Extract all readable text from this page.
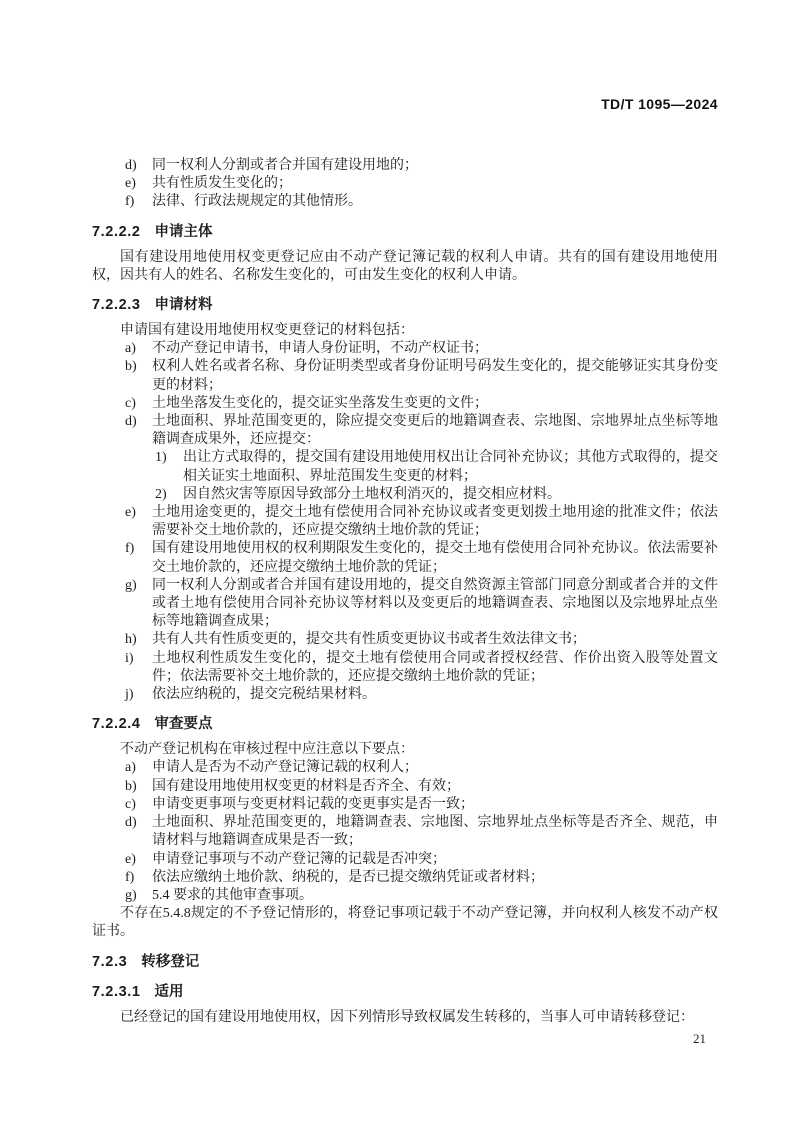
TD/T 1095—2024
d)	同一权利人分割或者合并国有建设用地的；
e)	共有性质发生变化的；
f)	法律、行政法规规定的其他情形。
7.2.2.2 申请主体

国有建设用地使用权变更登记应由不动产登记簿记载的权利人申请。共有的国有建设用地使用权，因共有人的姓名、名称发生变化的，可由发生变化的权利人申请。

7.2.2.3 申请材料

申请国有建设用地使用权变更登记的材料包括：

a)	不动产登记申请书，申请人身份证明，不动产权证书；
b)	权利人姓名或者名称、身份证明类型或者身份证明号码发生变化的，提交能够证实其身份变更的材料；
c)	土地坐落发生变化的，提交证实坐落发生变更的文件；
d)	土地面积、界址范围变更的，除应提交变更后的地籍调查表、宗地图、宗地界址点坐标等地籍调查成果外，还应提交：
1)	出让方式取得的，提交国有建设用地使用权出让合同补充协议；其他方式取得的，提交相关证实土地面积、界址范围发生变更的材料；
2)	因自然灾害等原因导致部分土地权利消灭的，提交相应材料。
e)	土地用途变更的，提交土地有偿使用合同补充协议或者变更划拨土地用途的批准文件；依法需要补交土地价款的，还应提交缴纳土地价款的凭证；
f)	国有建设用地使用权的权利期限发生变化的，提交土地有偿使用合同补充协议。依法需要补交土地价款的，还应提交缴纳土地价款的凭证；
g)	同一权利人分割或者合并国有建设用地的，提交自然资源主管部门同意分割或者合并的文件或者土地有偿使用合同补充协议等材料以及变更后的地籍调查表、宗地图以及宗地界址点坐标等地籍调查成果；
h)	共有人共有性质变更的，提交共有性质变更协议书或者生效法律文书；
i)	土地权利性质发生变化的，提交土地有偿使用合同或者授权经营、作价出资入股等处置文件；依法需要补交土地价款的，还应提交缴纳土地价款的凭证；
j)	依法应纳税的，提交完税结果材料。
7.2.2.4 审查要点

不动产登记机构在审核过程中应注意以下要点：

a)	申请人是否为不动产登记簿记载的权利人；
b)	国有建设用地使用权变更的材料是否齐全、有效；
c)	申请变更事项与变更材料记载的变更事实是否一致；
d)	土地面积、界址范围变更的，地籍调查表、宗地图、宗地界址点坐标等是否齐全、规范，申请材料与地籍调查成果是否一致；
e)	申请登记事项与不动产登记簿的记载是否冲突；
f)	依法应缴纳土地价款、纳税的，是否已提交缴纳凭证或者材料；
g)	5.4 要求的其他审查事项。

不存在5.4.8规定的不予登记情形的，将登记事项记载于不动产登记簿，并向权利人核发不动产权证书。

7.2.3 转移登记
7.2.3.1 适用

已经登记的国有建设用地使用权，因下列情形导致权属发生转移的，当事人可申请转移登记：

21
